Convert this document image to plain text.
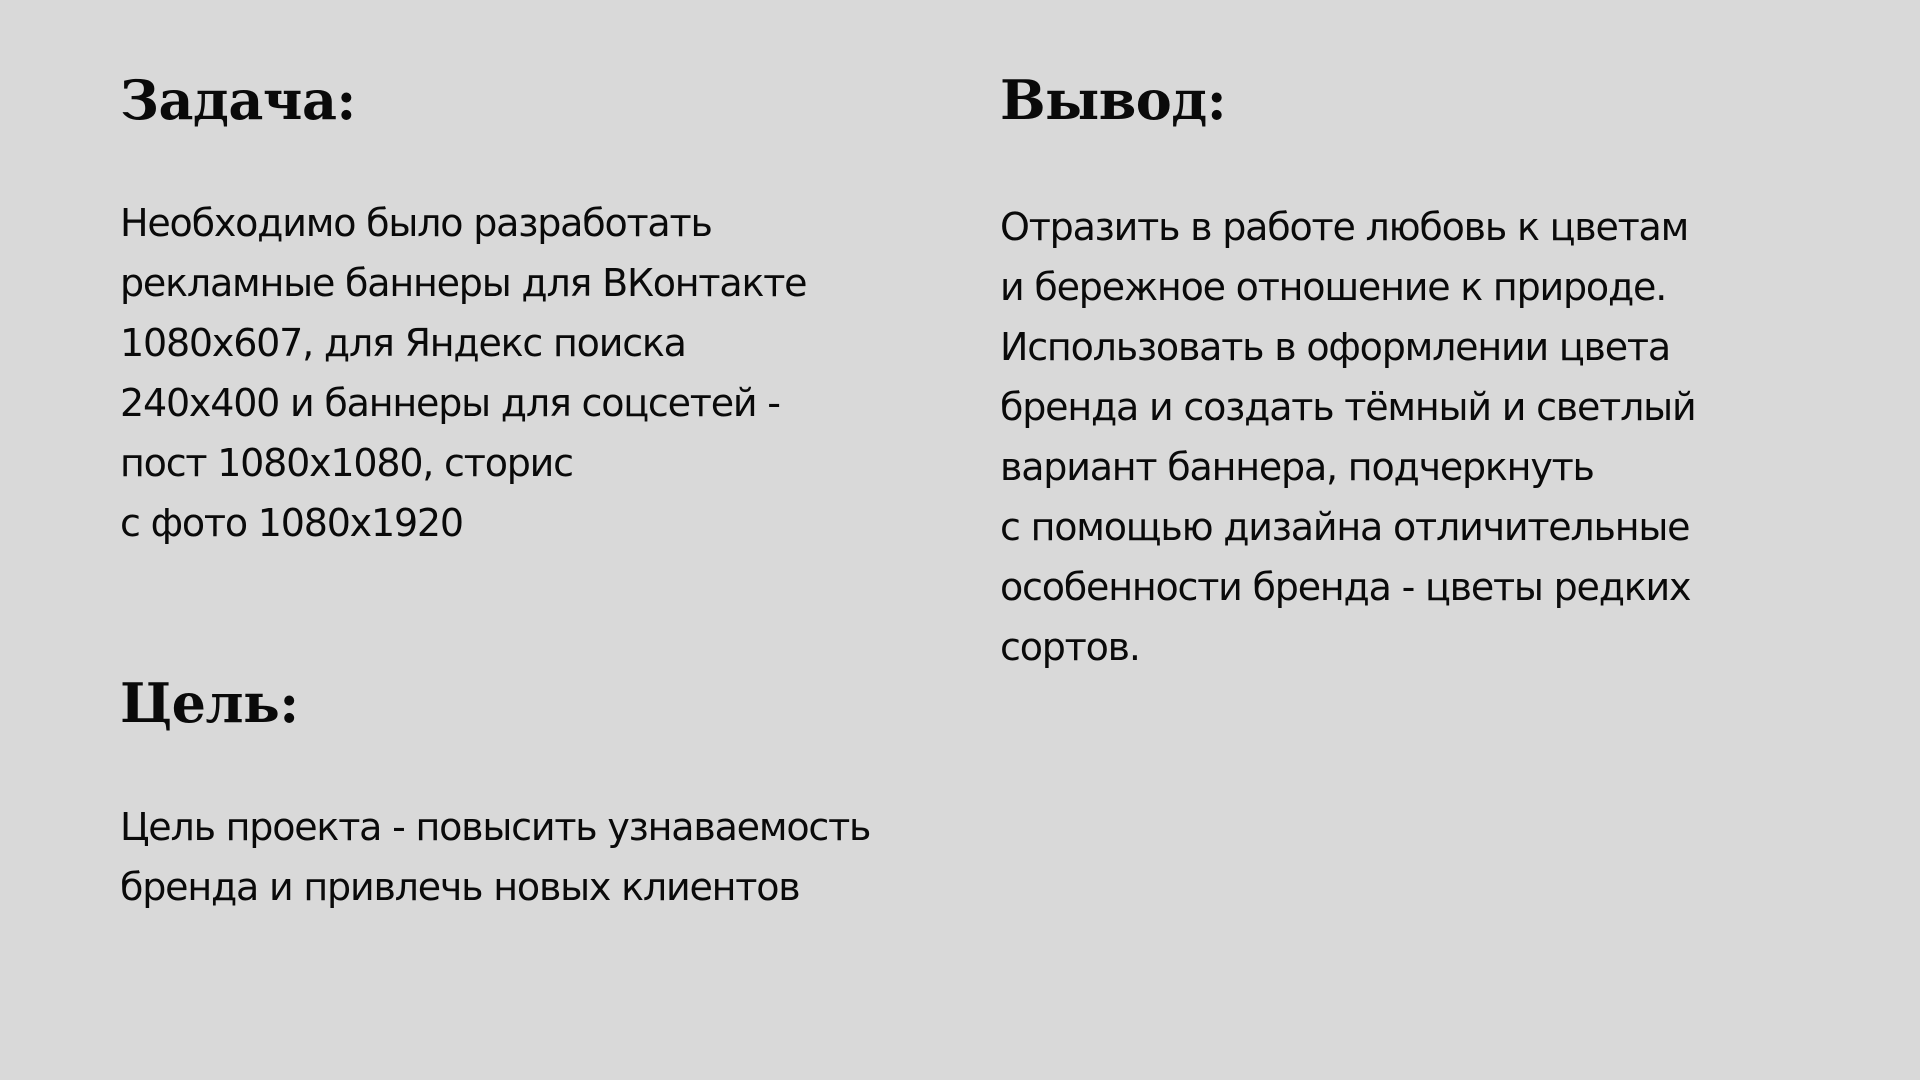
Задача:

Необходимо было разработать
рекламные баннеры для ВКонтакте
1080х607, для Яндекс поиска
240х400 и баннеры для соцсетей -
пост 1080х1080, сторис
с фото 1080х1920

Цель:

Цель проекта - повысить узнаваемость
бренда и привлечь новых клиентов

Вывод:

Отразить в работе любовь к цветам
и бережное отношение к природе.
Использовать в оформлении цвета
бренда и создать тёмный и светлый
вариант баннера, подчеркнуть
с помощью дизайна отличительные
особенности бренда - цветы редких
сортов.
